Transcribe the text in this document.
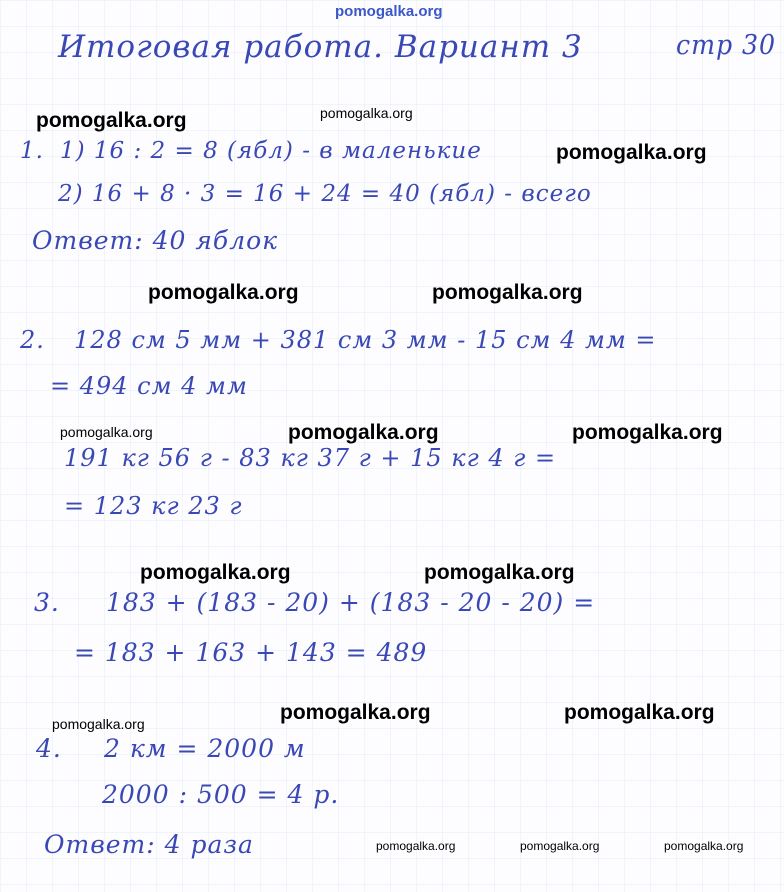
pomogalka.org
Итоговая работа. Вариант 3	стр 30
pomogalka.org	pomogalka.org
pomogalka.org
1. 1) 16 : 2 = 8 (ябл) - в маленькие
2) 16 + 8 · 3 = 16 + 24 = 40 (ябл) - всего
Ответ: 40 яблок
pomogalka.org	pomogalka.org
2. 128 см 5 мм + 381 см 3 мм - 15 см 4 мм =
= 494 см 4 мм
pomogalka.org	pomogalka.org	pomogalka.org
191 кг 56 г - 83 кг 37 г + 15 кг 4 г =
= 123 кг 23 г
pomogalka.org	pomogalka.org
3. 183 + (183 - 20) + (183 - 20 - 20) =
= 183 + 163 + 143 = 489
pomogalka.org	pomogalka.org	pomogalka.org
4. 2 км = 2000 м
2000 : 500 = 4 р.
Ответ: 4 раза	pomogalka.org	pomogalka.org	pomogalka.org
